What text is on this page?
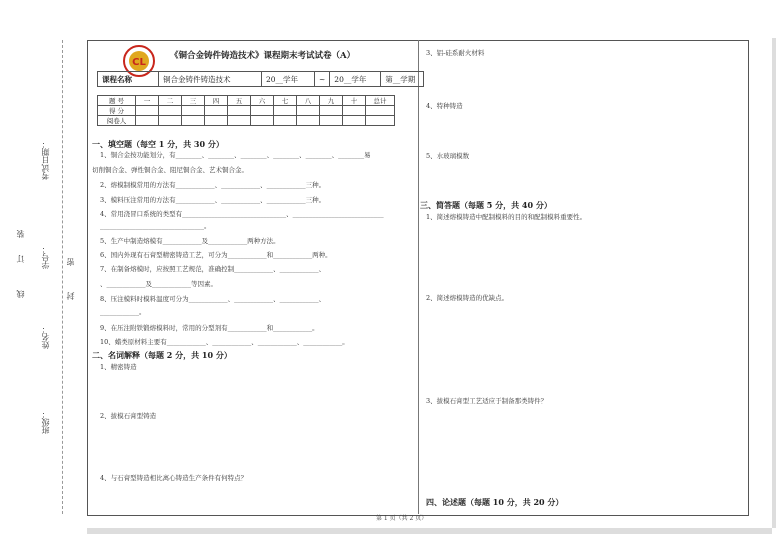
考试日期：
学号：
姓名：
班级：
装
订
线
密
封
CL
《铜合金铸件铸造技术》课程期末考试试卷（A）
课程名称	铜合金铸件铸造技术	20__学年	~	20__学年	第__学期
题 号	一	二	三	四	五	六	七	八	九	十	总计
得 分											
阅卷人											
一、填空题（每空 1 分，共 30 分）
1、铜合金按功能划分，有________、________、________、________、________、________易
切削铜合金、弹性铜合金、阻尼铜合金、艺术铜合金。
2、熔模制模常用的方法有____________、____________、____________三种。
3、模料压注常用的方法有____________、____________、____________三种。
4、常用浇冒口系统的类型有________________________________、____________________________
________________________________。
5、生产中制造熔模有____________及____________两种方法。
6、国内外现有石膏型精密铸造工艺，可分为____________和____________两种。
7、在制备熔模时，应按照工艺规范，准确控制____________、____________、
、____________及____________等因素。
8、压注模料时模料温度可分为____________、____________、____________、
____________。
9、在压注附铁锻熔模料时，常用的分型剂有____________和____________。
10、蜡类原材料主要有____________、____________、____________、____________。
二、名词解释（每题 2 分，共 10 分）
1、精密铸造
2、拔模石膏型铸造
4、与石膏型铸造相比离心铸造生产条件有何特点？
3、铝-硅系耐火材料
4、特种铸造
5、水玻璃模数
三、简答题（每题 5 分，共 40 分）
1、简述熔模铸造中配制模料的目的和配制模料重要性。
2、简述熔模铸造的优缺点。
3、拔模石膏型工艺适应于制备那类铸件？
四、论述题（每题 10 分，共 20 分）
第 1 页（共 2 页）
